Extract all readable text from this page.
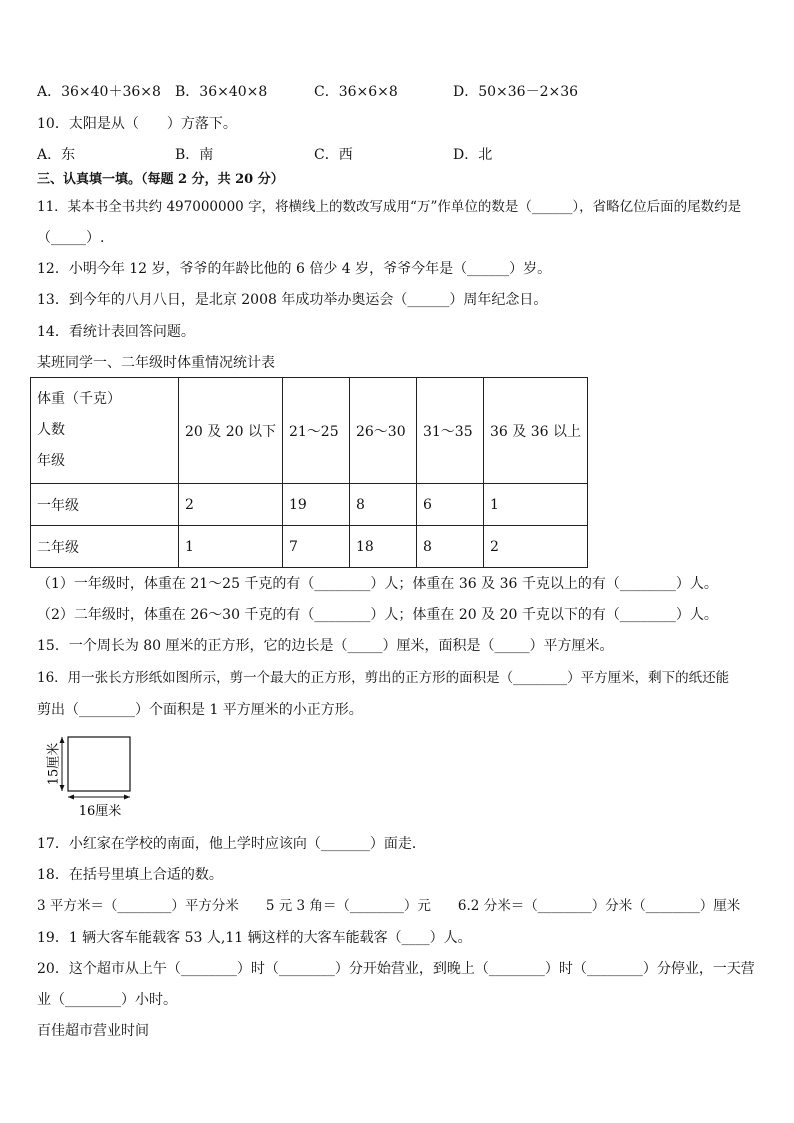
A．36×40＋36×8 B．36×40×8	C．36×6×8	D．50×36－2×36
10．太阳是从（　　）方落下。
A．东	B．南	C．西	D．北
三、认真填一填。（每题 2 分，共 20 分）
11．某本书全书共约 497000000 字，将横线上的数改写成用“万”作单位的数是（______），省略亿位后面的尾数约是
（_____）.
12．小明今年 12 岁，爷爷的年龄比他的 6 倍少 4 岁，爷爷今年是（______）岁。
13．到今年的八月八日，是北京 2008 年成功举办奥运会（______）周年纪念日。
14．看统计表回答问题。
某班同学一、二年级时体重情况统计表
体重（千克）
人数
年级	20 及 20 以下	21～25	26～30	31～35	36 及 36 以上
一年级	2	19	8	6	1
二年级	1	7	18	8	2
（1）一年级时，体重在 21～25 千克的有（________）人；体重在 36 及 36 千克以上的有（________）人。
（2）二年级时，体重在 26～30 千克的有（________）人；体重在 20 及 20 千克以下的有（________）人。
15．一个周长为 80 厘米的正方形，它的边长是（_____）厘米，面积是（_____）平方厘米。
16．用一张长方形纸如图所示，剪一个最大的正方形，剪出的正方形的面积是（________）平方厘米，剩下的纸还能
剪出（________）个面积是 1 平方厘米的小正方形。
15厘米
16厘米
17．小红家在学校的南面，他上学时应该向（_______）面走．
18．在括号里填上合适的数。
3 平方米＝（________）平方分米　　5 元 3 角＝（________）元　　6.2 分米＝（________）分米（________）厘米
19．1 辆大客车能载客 53 人,11 辆这样的大客车能载客（____）人。
20．这个超市从上午（________）时（________）分开始营业，到晚上（________）时（________）分停业，一天营
业（________）小时。
百佳超市营业时间
